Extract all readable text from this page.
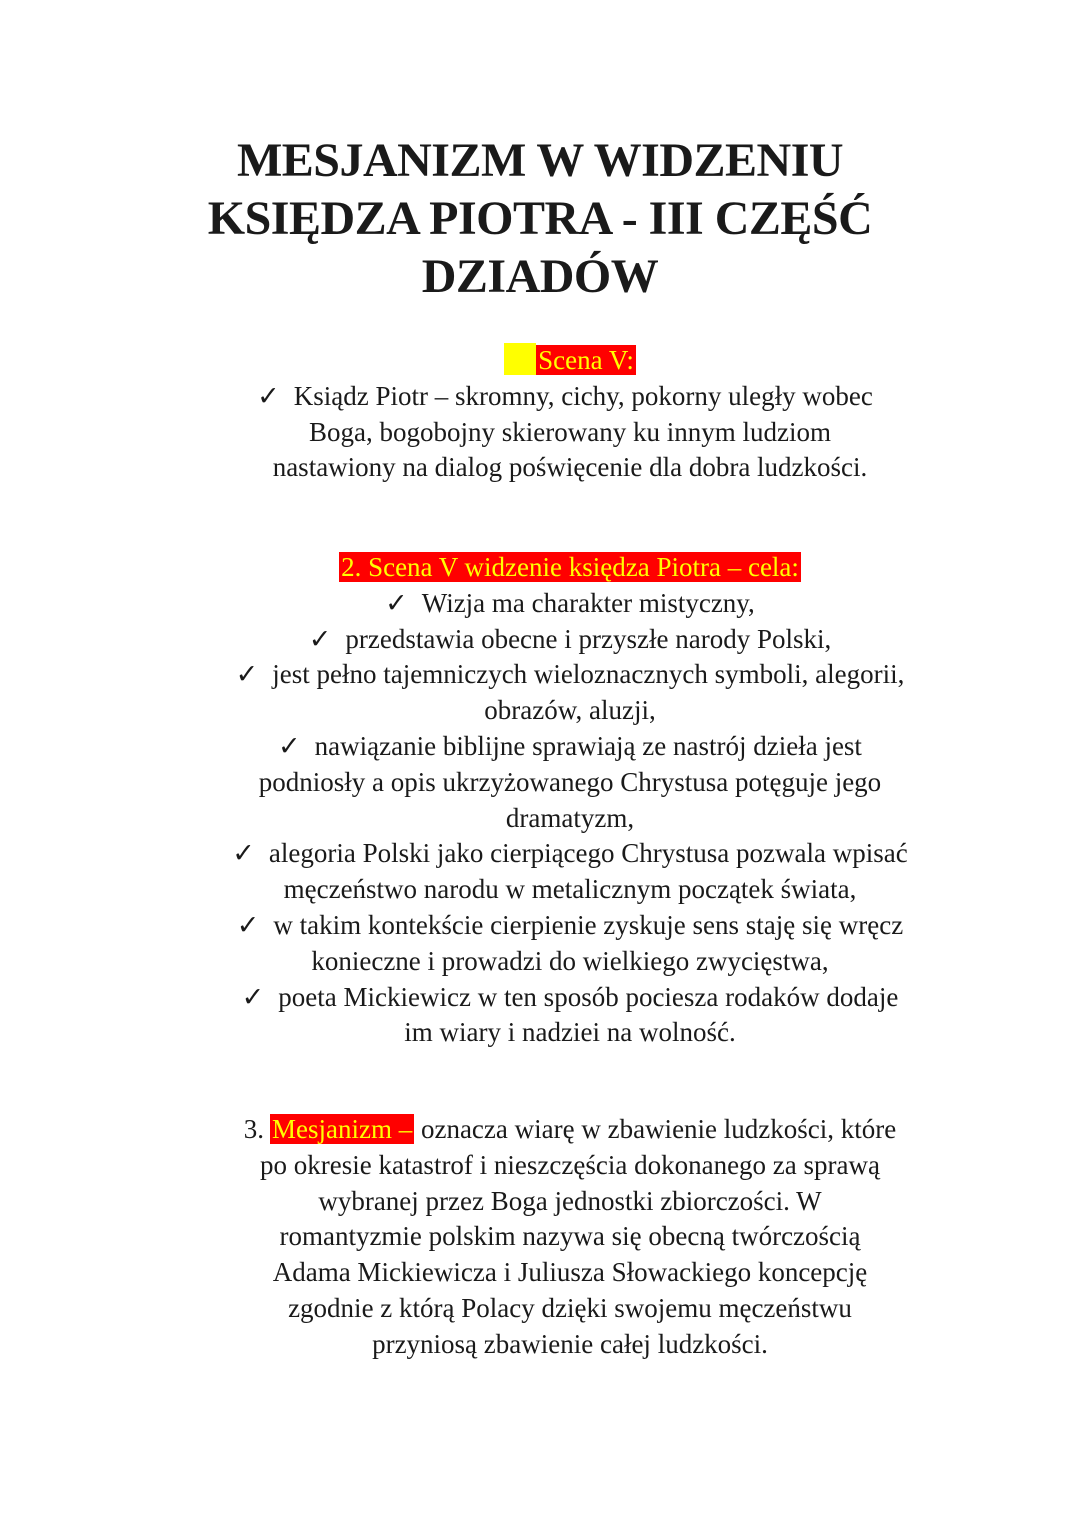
MESJANIZM W WIDZENIU
KSIĘDZA PIOTRA - III CZĘŚĆ
DZIADÓW
Scena V:
✓ Ksiądz Piotr – skromny, cichy, pokorny uległy wobec
Boga, bogobojny skierowany ku innym ludziom
nastawiony na dialog poświęcenie dla dobra ludzkości.
2. Scena V widzenie księdza Piotra – cela:
✓ Wizja ma charakter mistyczny,
✓ przedstawia obecne i przyszłe narody Polski,
✓ jest pełno tajemniczych wieloznacznych symboli, alegorii,
obrazów, aluzji,
✓ nawiązanie biblijne sprawiają ze nastrój dzieła jest
podniosły a opis ukrzyżowanego Chrystusa potęguje jego
dramatyzm,
✓ alegoria Polski jako cierpiącego Chrystusa pozwala wpisać
męczeństwo narodu w metalicznym początek świata,
✓ w takim kontekście cierpienie zyskuje sens staję się wręcz
konieczne i prowadzi do wielkiego zwycięstwa,
✓ poeta Mickiewicz w ten sposób pociesza rodaków dodaje
im wiary i nadziei na wolność.
3. Mesjanizm – oznacza wiarę w zbawienie ludzkości, które
po okresie katastrof i nieszczęścia dokonanego za sprawą
wybranej przez Boga jednostki zbiorczości. W
romantyzmie polskim nazywa się obecną twórczością
Adama Mickiewicza i Juliusza Słowackiego koncepcję
zgodnie z którą Polacy dzięki swojemu męczeństwu
przyniosą zbawienie całej ludzkości.
